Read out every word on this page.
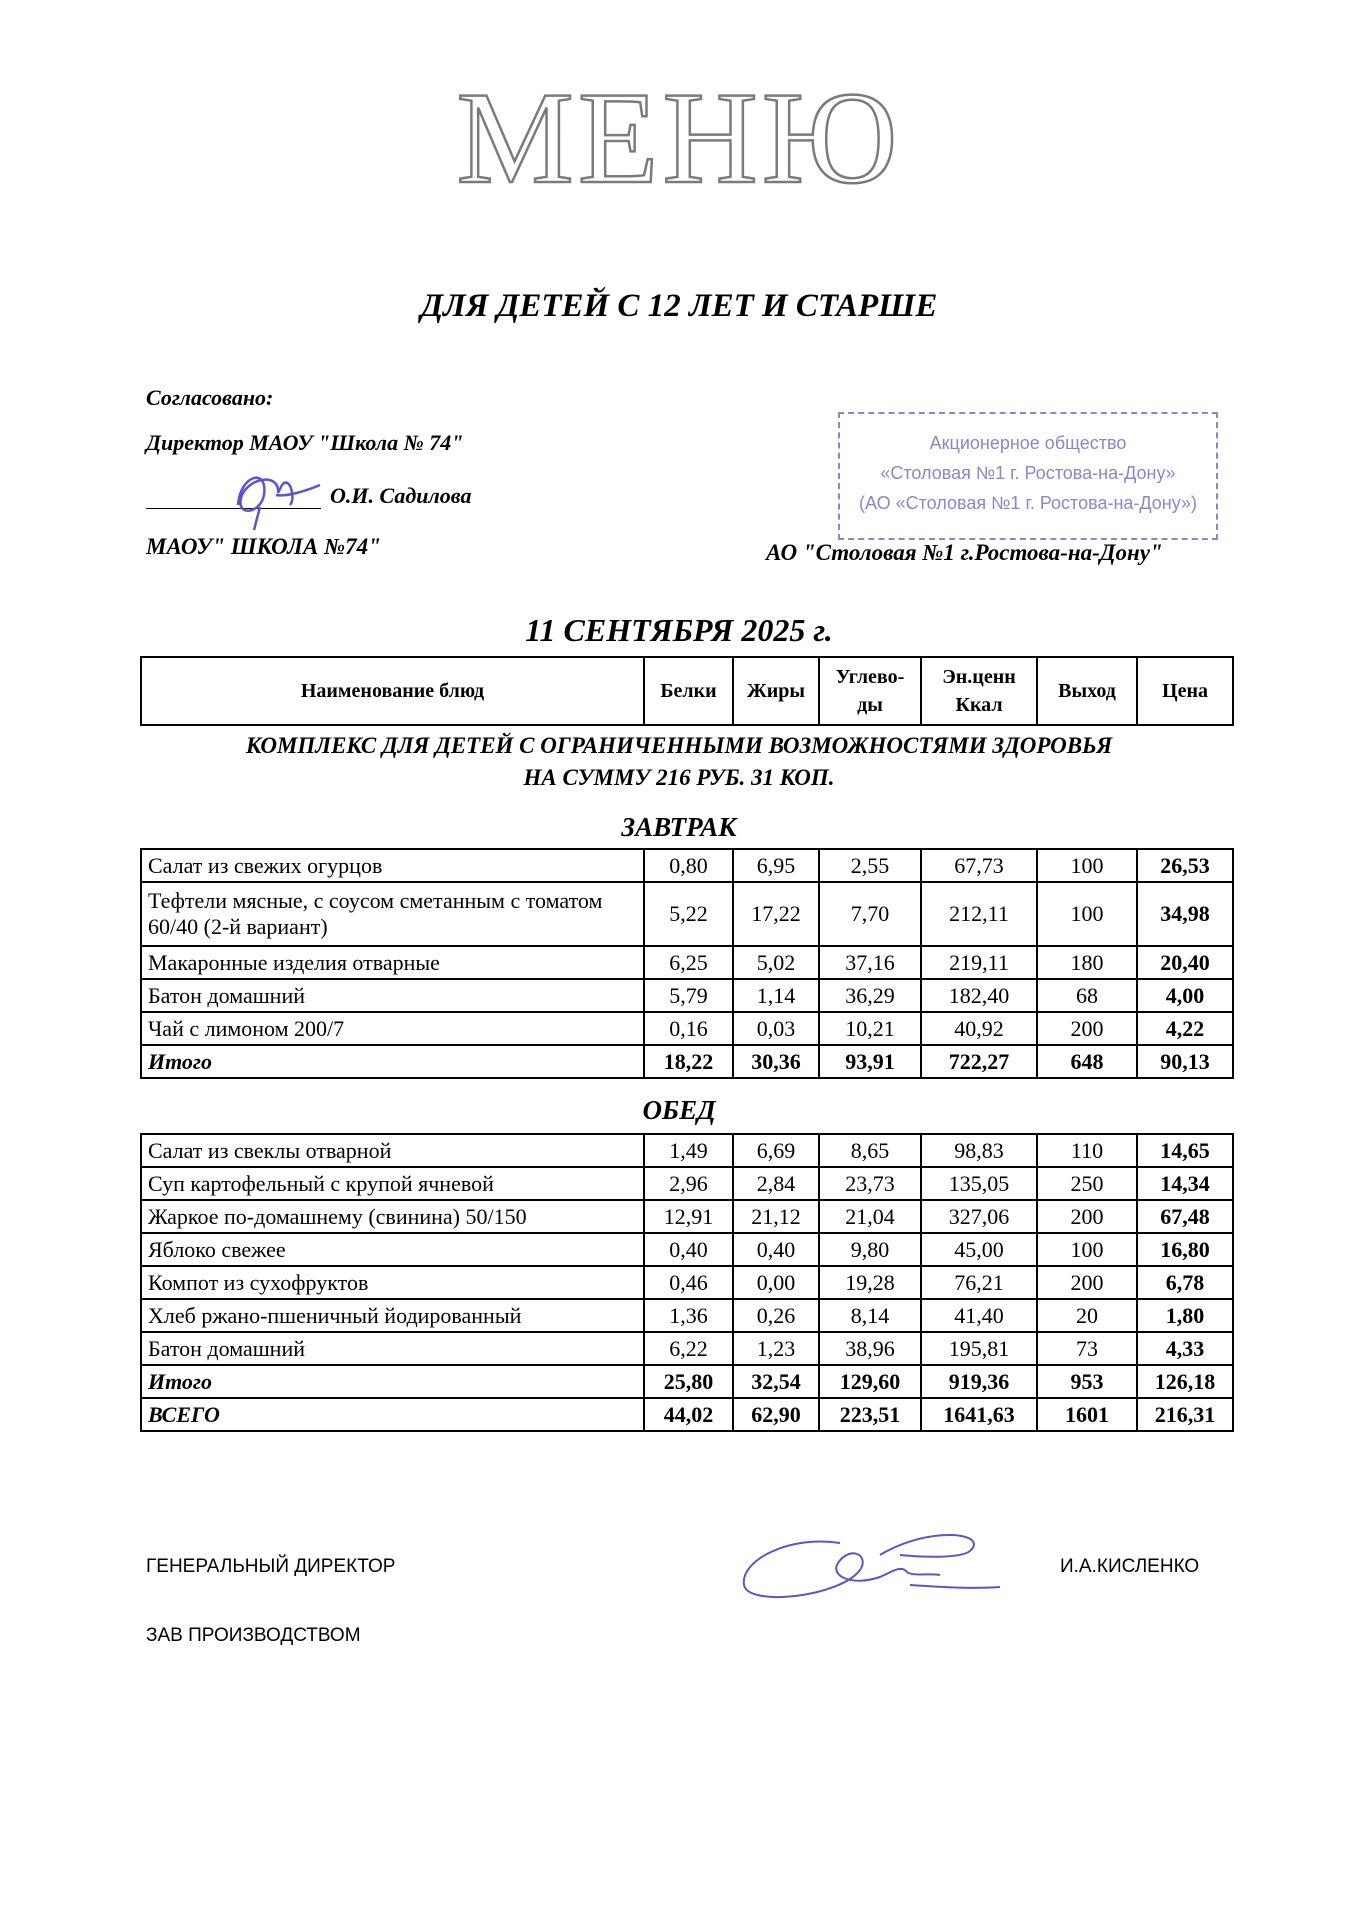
МЕНЮ
ДЛЯ ДЕТЕЙ С 12 ЛЕТ И СТАРШЕ
Согласовано:
Директор МАОУ "Школа № 74"
О.И. Садилова
МАОУ" ШКОЛА №74"
Акционерное общество
«Столовая №1 г. Ростова-на-Дону»
(АО «Столовая №1 г. Ростова-на-Дону»)
АО "Столовая №1 г.Ростова-на-Дону"
11 СЕНТЯБРЯ 2025 г.
Наименование блюд	Белки	Жиры	Углево-ды	Эн.ценн Ккал	Выход	Цена
КОМПЛЕКС ДЛЯ ДЕТЕЙ С ОГРАНИЧЕННЫМИ ВОЗМОЖНОСТЯМИ ЗДОРОВЬЯ
НА СУММУ 216 РУБ. 31 КОП.
ЗАВТРАК
Салат из свежих огурцов	0,80	6,95	2,55	67,73	100	26,53
Тефтели мясные, с соусом сметанным с томатом 60/40 (2-й вариант)	5,22	17,22	7,70	212,11	100	34,98
Макаронные изделия отварные	6,25	5,02	37,16	219,11	180	20,40
Батон домашний	5,79	1,14	36,29	182,40	68	4,00
Чай с лимоном 200/7	0,16	0,03	10,21	40,92	200	4,22
Итого	18,22	30,36	93,91	722,27	648	90,13
ОБЕД
Салат из свеклы отварной	1,49	6,69	8,65	98,83	110	14,65
Суп картофельный с крупой ячневой	2,96	2,84	23,73	135,05	250	14,34
Жаркое по-домашнему (свинина) 50/150	12,91	21,12	21,04	327,06	200	67,48
Яблоко свежее	0,40	0,40	9,80	45,00	100	16,80
Компот из сухофруктов	0,46	0,00	19,28	76,21	200	6,78
Хлеб ржано-пшеничный йодированный	1,36	0,26	8,14	41,40	20	1,80
Батон домашний	6,22	1,23	38,96	195,81	73	4,33
Итого	25,80	32,54	129,60	919,36	953	126,18
ВСЕГО	44,02	62,90	223,51	1641,63	1601	216,31
ГЕНЕРАЛЬНЫЙ ДИРЕКТОР	И.А.КИСЛЕНКО
ЗАВ ПРОИЗВОДСТВОМ
